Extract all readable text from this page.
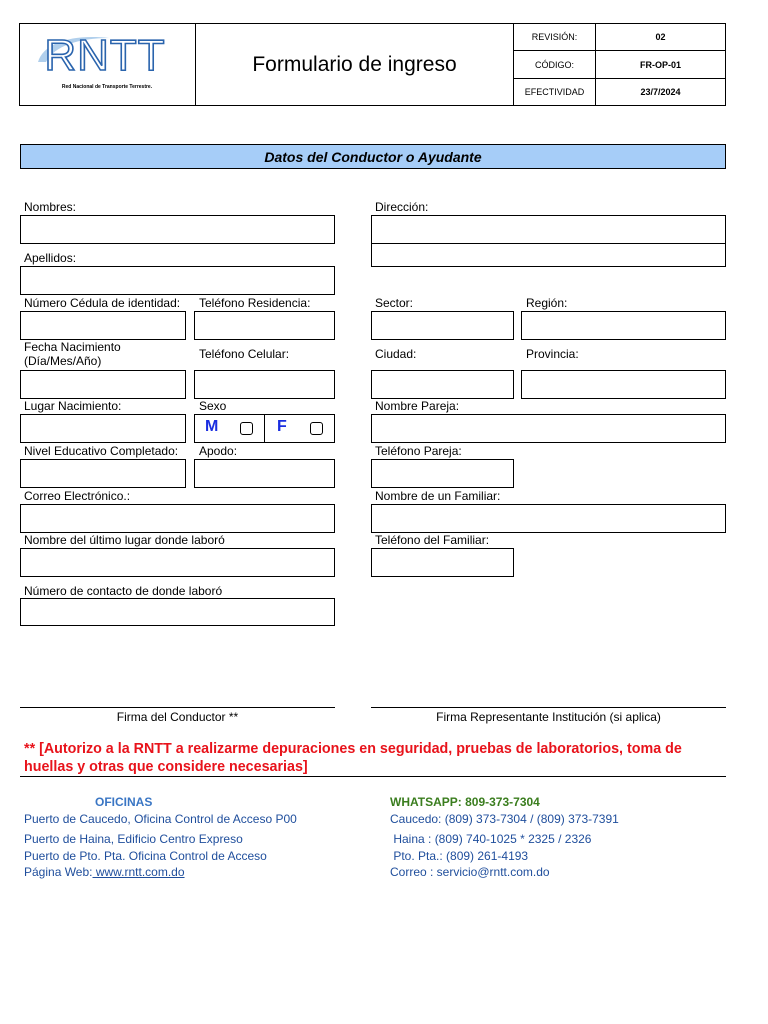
RNTT
Red Nacional de Transporte Terrestre.
Formulario de ingreso
REVISIÓN:	02
CÓDIGO:	FR-OP-01
EFECTIVIDAD	23/7/2024
Datos del Conductor o Ayudante
Nombres:
Apellidos:
Número Cédula de identidad: Teléfono Residencia:
Fecha Nacimiento
(Día/Mes/Año)	Teléfono Celular:
Lugar Nacimiento:	Sexo
M	F
Nivel Educativo Completado: Apodo:
Correo Electrónico.:
Nombre del último lugar donde laboró
Número de contacto de donde laboró
Dirección:
Sector:	Región:
Ciudad:	Provincia:
Nombre Pareja:
Teléfono Pareja:
Nombre de un Familiar:
Teléfono del Familiar:
Firma del Conductor **	Firma Representante Institución (si aplica)
** [Autorizo a la RNTT a realizarme depuraciones en seguridad, pruebas de laboratorios, toma de huellas y otras que considere necesarias]
OFICINAS
Puerto de Caucedo, Oficina Control de Acceso P00
Puerto de Haina, Edificio Centro Expreso
Puerto de Pto. Pta. Oficina Control de Acceso
Página Web: www.rntt.com.do
WHATSAPP: 809-373-7304
Caucedo: (809) 373-7304 / (809) 373-7391
Haina : (809) 740-1025 * 2325 / 2326
Pto. Pta.: (809) 261-4193
Correo : servicio@rntt.com.do
